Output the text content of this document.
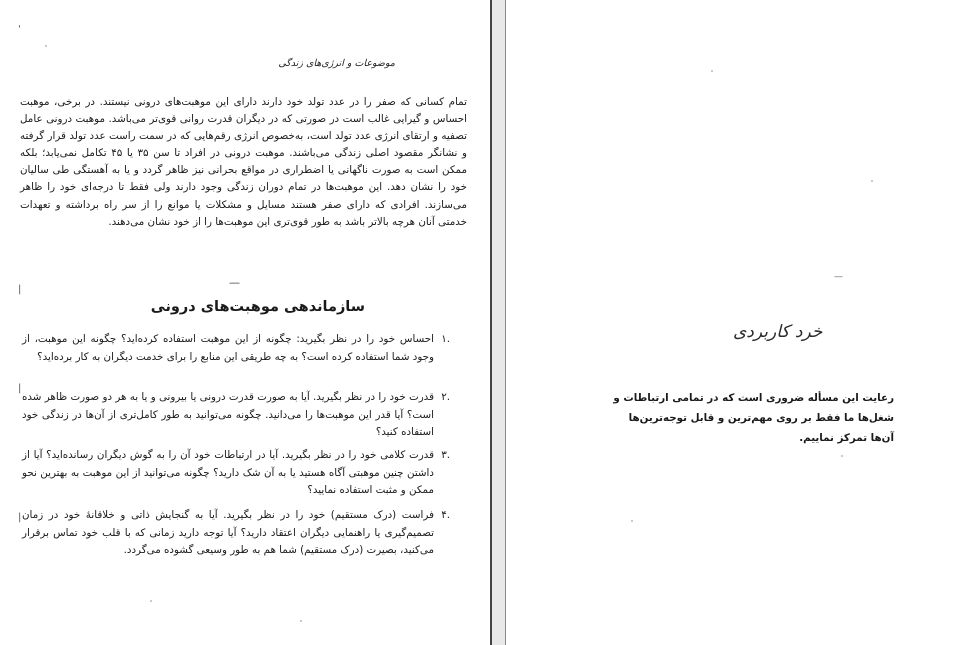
'
|
|
|
موضوعات و انرژی‌های زندگی

تمام کسانی که صفر را در عدد تولد خود دارند دارای این موهبت‌های درونی نیستند. در برخی، موهبت احساس و گیرایی غالب است در صورتی که در دیگران قدرت روانی قوی‌تر می‌باشد. موهبت درونی عامل تصفیه و ارتقای انرژی عدد تولد است، به‌خصوص انرژی رقم‌هایی که در سمت راست عدد تولد قرار گرفته و نشانگر مقصود اصلی زندگی می‌باشند. موهبت درونی در افراد تا سن ۳۵ یا ۴۵ تکامل نمی‌یابد؛ بلکه ممکن است به صورت ناگهانی یا اضطراری در مواقع بحرانی نیز ظاهر گردد و یا به آهستگی طی سالیان خود را نشان دهد. این موهبت‌ها در تمام دوران زندگی وجود دارند ولی فقط تا درجه‌ای خود را ظاهر می‌سازند. افرادی که دارای صفر هستند مسایل و مشکلات یا موانع را از سر راه برداشته و تعهدات خدمتی آنان هرچه بالاتر باشد به طور قوی‌تری این موهبت‌ها را از خود نشان می‌دهند.

—
سازماندهی موهبت‌های درونی
.۱
احساس خود را در نظر بگیرید: چگونه از این موهبت استفاده کرده‌اید؟ چگونه این موهبت، از وجود شما استفاده کرده است؟ به چه طریقی این منابع را برای خدمت دیگران به کار برده‌اید؟
.۲
قدرت خود را در نظر بگیرید. آیا به صورت قدرت درونی یا بیرونی و یا به هر دو صورت ظاهر شده است؟ آیا قدر این موهبت‌ها را می‌دانید. چگونه می‌توانید به طور کامل‌تری از آن‌ها در زندگی خود استفاده کنید؟
.۳
قدرت کلامی خود را در نظر بگیرید. آیا در ارتباطات خود آن را به گوش دیگران رسانده‌اید؟ آیا از داشتن چنین موهبتی آگاه هستید یا به آن شک دارید؟ چگونه می‌توانید از این موهبت به بهترین نحو ممکن و مثبت استفاده نمایید؟
.۴
فراست (درک مستقیم) خود را در نظر بگیرید. آیا به گنجایش ذاتی و خلاقانهٔ خود در زمان تصمیم‌گیری یا راهنمایی دیگران اعتقاد دارید؟ آیا توجه دارید زمانی که با قلب خود تماس برقرار می‌کنید، بصیرت (درک مستقیم) شما هم به طور وسیعی گشوده می‌گردد.
—
خرد کاربردی

رعایت این مسأله ضروری است که در تمامی ارتباطات و شغل‌ها ما فقط بر روی مهم‌ترین و قابل توجه‌ترین‌ها آن‌ها تمرکز نماییم.
